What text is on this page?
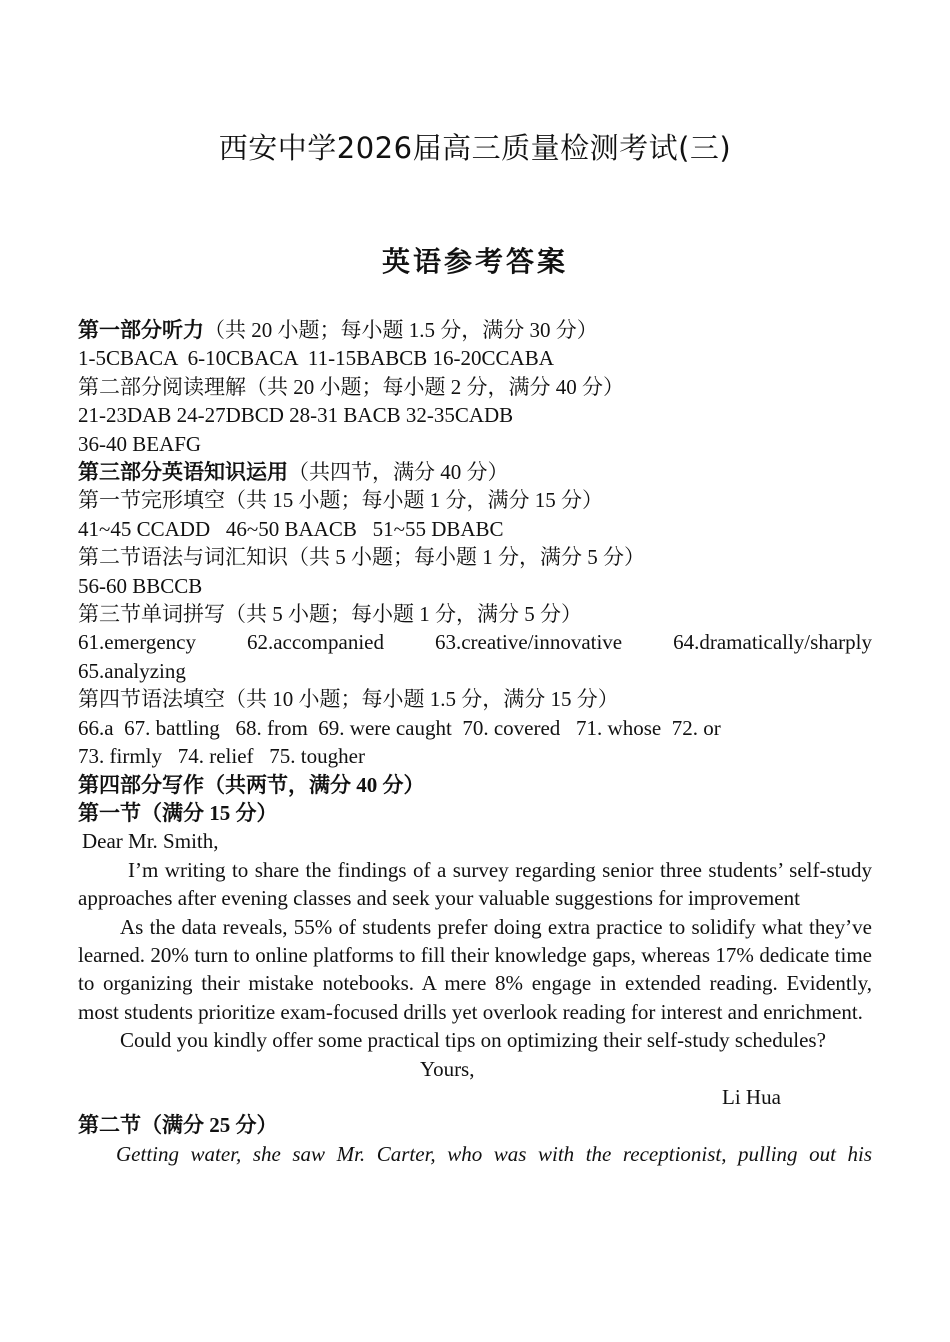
西安中学2026届高三质量检测考试(三)
英语参考答案
第一部分听力（共 20 小题；每小题 1.5 分，满分 30 分）
1-5CBACA  6-10CBACA  11-15BABCB 16-20CCABA
第二部分阅读理解（共 20 小题；每小题 2 分，满分 40 分）
21-23DAB 24-27DBCD 28-31 BACB 32-35CADB
36-40 BEAFG
第三部分英语知识运用（共四节，满分 40 分）
第一节完形填空（共 15 小题；每小题 1 分，满分 15 分）
41~45 CCADD   46~50 BAACB   51~55 DBABC
第二节语法与词汇知识（共 5 小题；每小题 1 分，满分 5 分）
56-60 BBCCB
第三节单词拼写（共 5 小题；每小题 1 分，满分 5 分）
61.emergency 62.accompanied 63.creative/innovative 64.dramatically/sharply
65.analyzing
第四节语法填空（共 10 小题；每小题 1.5 分，满分 15 分）
66.a  67. battling   68. from  69. were caught  70. covered   71. whose  72. or
73. firmly   74. relief   75. tougher
第四部分写作（共两节，满分 40 分）
第一节（满分 15 分）
Dear Mr. Smith,
I’m writing to share the findings of a survey regarding senior three students’ self-study approaches after evening classes and seek your valuable suggestions for improvement
As the data reveals, 55% of students prefer doing extra practice to solidify what they’ve learned. 20% turn to online platforms to fill their knowledge gaps, whereas 17% dedicate time to organizing their mistake notebooks. A mere 8% engage in extended reading. Evidently, most students prioritize exam-focused drills yet overlook reading for interest and enrichment.
Could you kindly offer some practical tips on optimizing their self-study schedules?
Yours,
Li Hua
第二节（满分 25 分）
Getting water, she saw Mr. Carter, who was with the receptionist, pulling out his
